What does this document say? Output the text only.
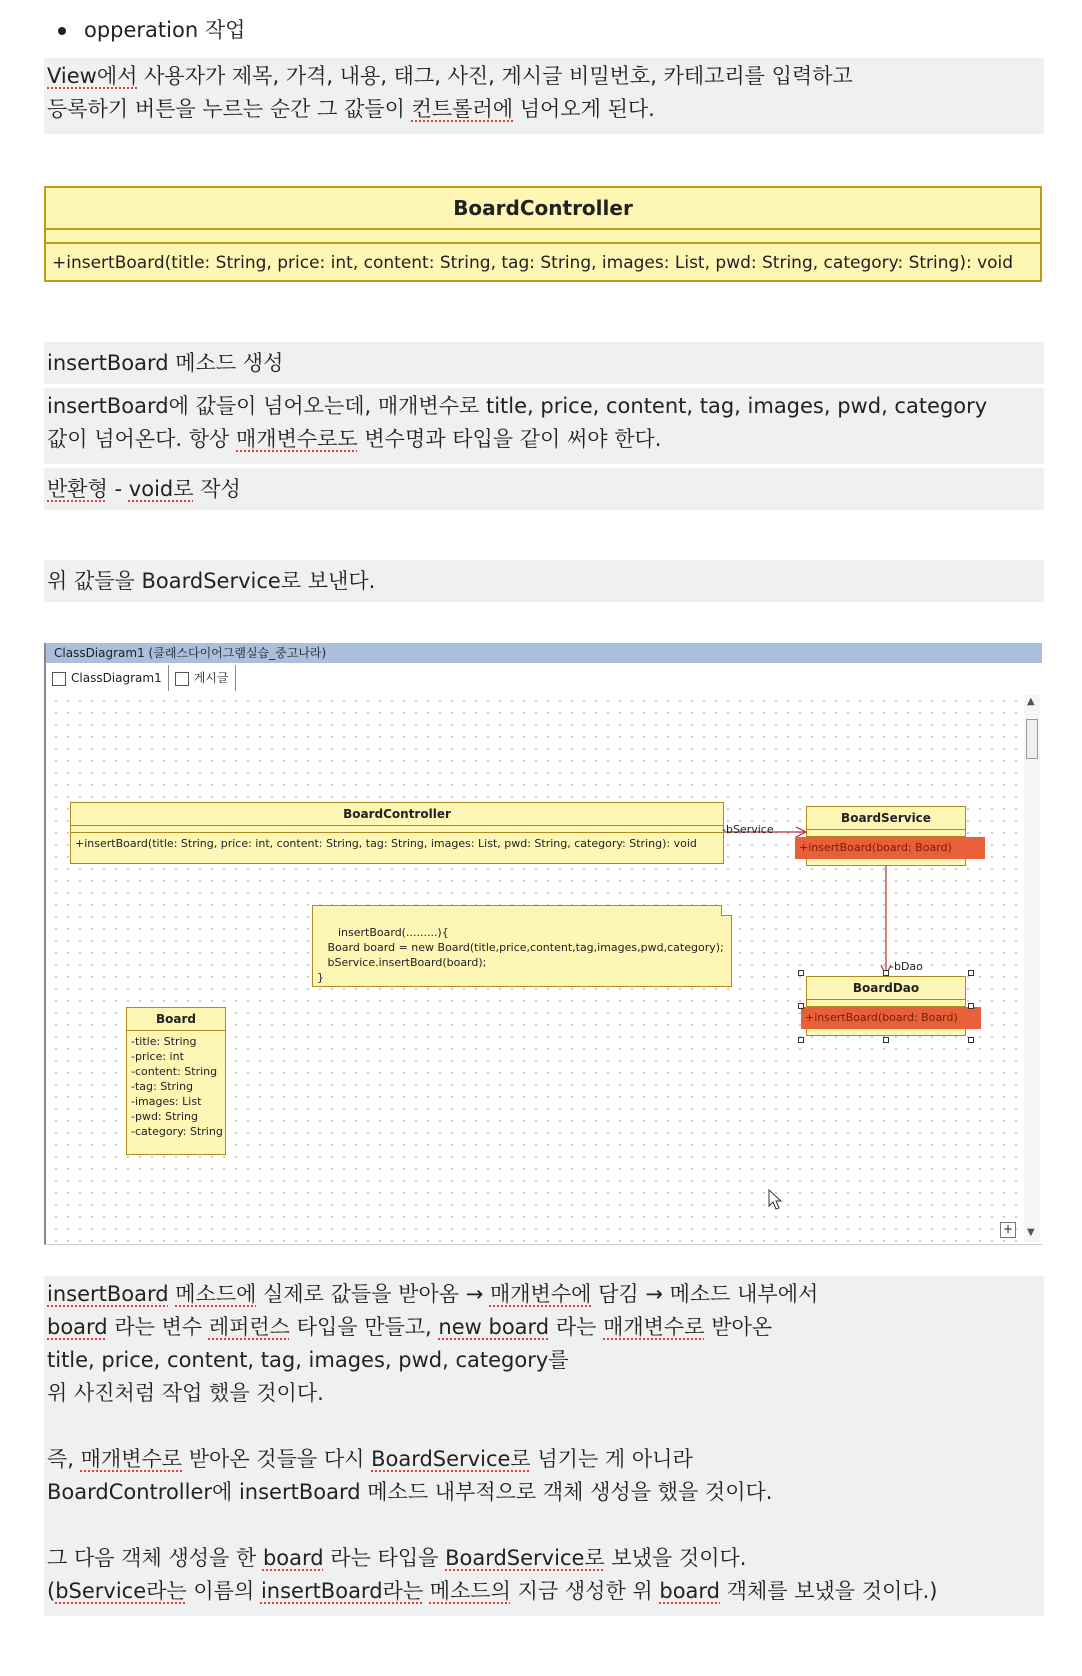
opperation 작업
View에서 사용자가 제목, 가격, 내용, 태그, 사진, 게시글 비밀번호, 카테고리를 입력하고
등록하기 버튼을 누르는 순간 그 값들이 컨트롤러에 넘어오게 된다.
BoardController
+insertBoard(title: String, price: int, content: String, tag: String, images: List, pwd: String, category: String): void
insertBoard 메소드 생성
insertBoard에 값들이 넘어오는데, 매개변수로 title, price, content, tag, images, pwd, category
값이 넘어온다. 항상 매개변수로도 변수명과 타입을 같이 써야 한다.
반환형 - void로 작성
위 값들을 BoardService로 보낸다.
ClassDiagram1 (클래스다이어그램실습_중고나라)
ClassDiagram1	게시글
BoardController
+insertBoard(title: String, price: int, content: String, tag: String, images: List, pwd: String, category: String): void
-bService
BoardService
+insertBoard(board: Board)

insertBoard(.........){
Board board = new Board(title,price,content,tag,images,pwd,category);
bService.insertBoard(board);
}

-bDao
BoardDao
+insertBoard(board: Board)
Board
-title: String
-price: int
-content: String
-tag: String
-images: List
-pwd: String
-category: String
▲
▼
+
insertBoard 메소드에 실제로 값들을 받아옴 → 매개변수에 담김 → 메소드 내부에서
board 라는 변수 레퍼런스 타입을 만들고, new board 라는 매개변수로 받아온
title, price, content, tag, images, pwd, category를
위 사진처럼 작업 했을 것이다.
즉, 매개변수로 받아온 것들을 다시 BoardService로 넘기는 게 아니라
BoardController에 insertBoard 메소드 내부적으로 객체 생성을 했을 것이다.
그 다음 객체 생성을 한 board 라는 타입을 BoardService로 보냈을 것이다.
(bService라는 이름의 insertBoard라는 메소드의 지금 생성한 위 board 객체를 보냈을 것이다.)
